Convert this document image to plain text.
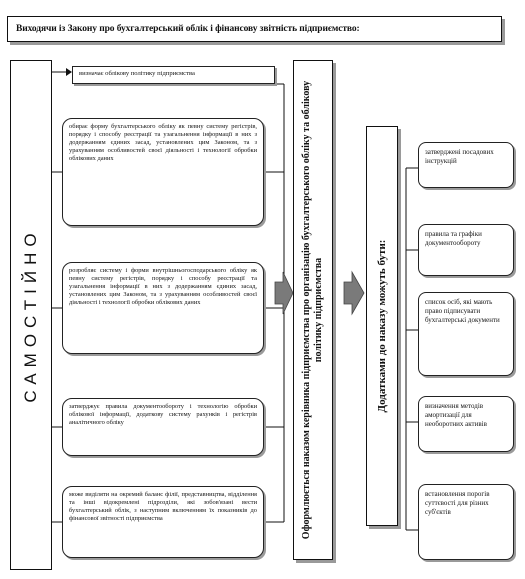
Виходячи із Закону про бухгалтерський облік і фінансову звітність підприємство:
САМОСТІЙНО
визначає облікову політику підприємства
обирає форму бухгалтерського обліку як певну систему регістрів, порядку і способу реєстрації та узагальнення інформації в них з додержанням єдиних засад, установлених цим Законом, та з урахуванням особливостей своєї діяльності і технології обробки облікових даних
розробляє систему і форми внутрішньогосподарського обліку як певну систему регістрів, порядку і способу реєстрації та узагальнення інформації в них з додержанням єдиних засад, установлених цим Законом, та з урахуванням особливостей своєї діяльності і технології обробки облікових даних
затверджує правила документообороту і технологію обробки облікової інформації, додаткову систему рахунків і регістрів аналітичного обліку
може виділяти на окремий баланс філії, представництва, відділення та інші відокремлені підрозділи, які зобов'язані вести бухгалтерський облік, з наступним включенням їх показників до фінансової звітності підприємства	Оформлюється наказом керівника підприємства про організацію бухгалтерського обліку та облікову політику підприємства	Додатками до наказу можуть бути:
затверджені посадових інструкцій
правила та графіки документообороту
список осіб, які мають право підписувати бухгалтерські документи
визначення методів амортизації для необоротних активів
встановлення порогів суттєвості для різних суб'єктів
